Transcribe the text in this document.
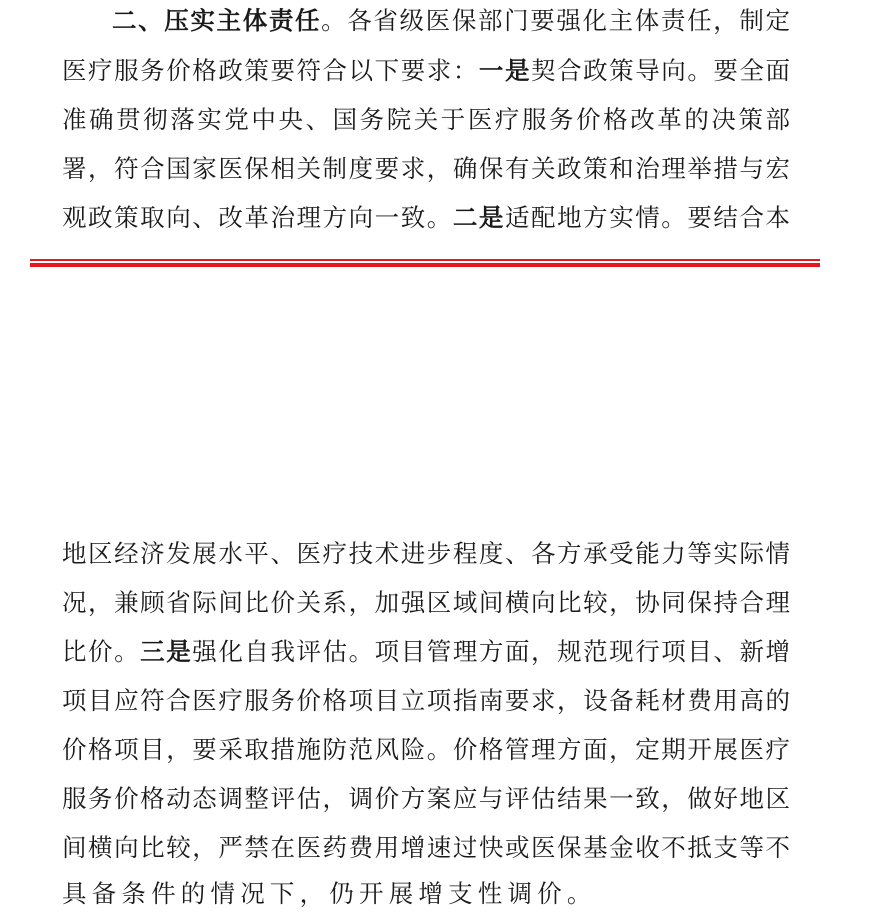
二、压实主体责任。各省级医保部门要强化主体责任，制定
医疗服务价格政策要符合以下要求：一是契合政策导向。要全面
准确贯彻落实党中央、国务院关于医疗服务价格改革的决策部
署，符合国家医保相关制度要求，确保有关政策和治理举措与宏
观政策取向、改革治理方向一致。二是适配地方实情。要结合本
地区经济发展水平、医疗技术进步程度、各方承受能力等实际情
况，兼顾省际间比价关系，加强区域间横向比较，协同保持合理
比价。三是强化自我评估。项目管理方面，规范现行项目、新增
项目应符合医疗服务价格项目立项指南要求，设备耗材费用高的
价格项目，要采取措施防范风险。价格管理方面，定期开展医疗
服务价格动态调整评估，调价方案应与评估结果一致，做好地区
间横向比较，严禁在医药费用增速过快或医保基金收不抵支等不
具备条件的情况下，仍开展增支性调价。
